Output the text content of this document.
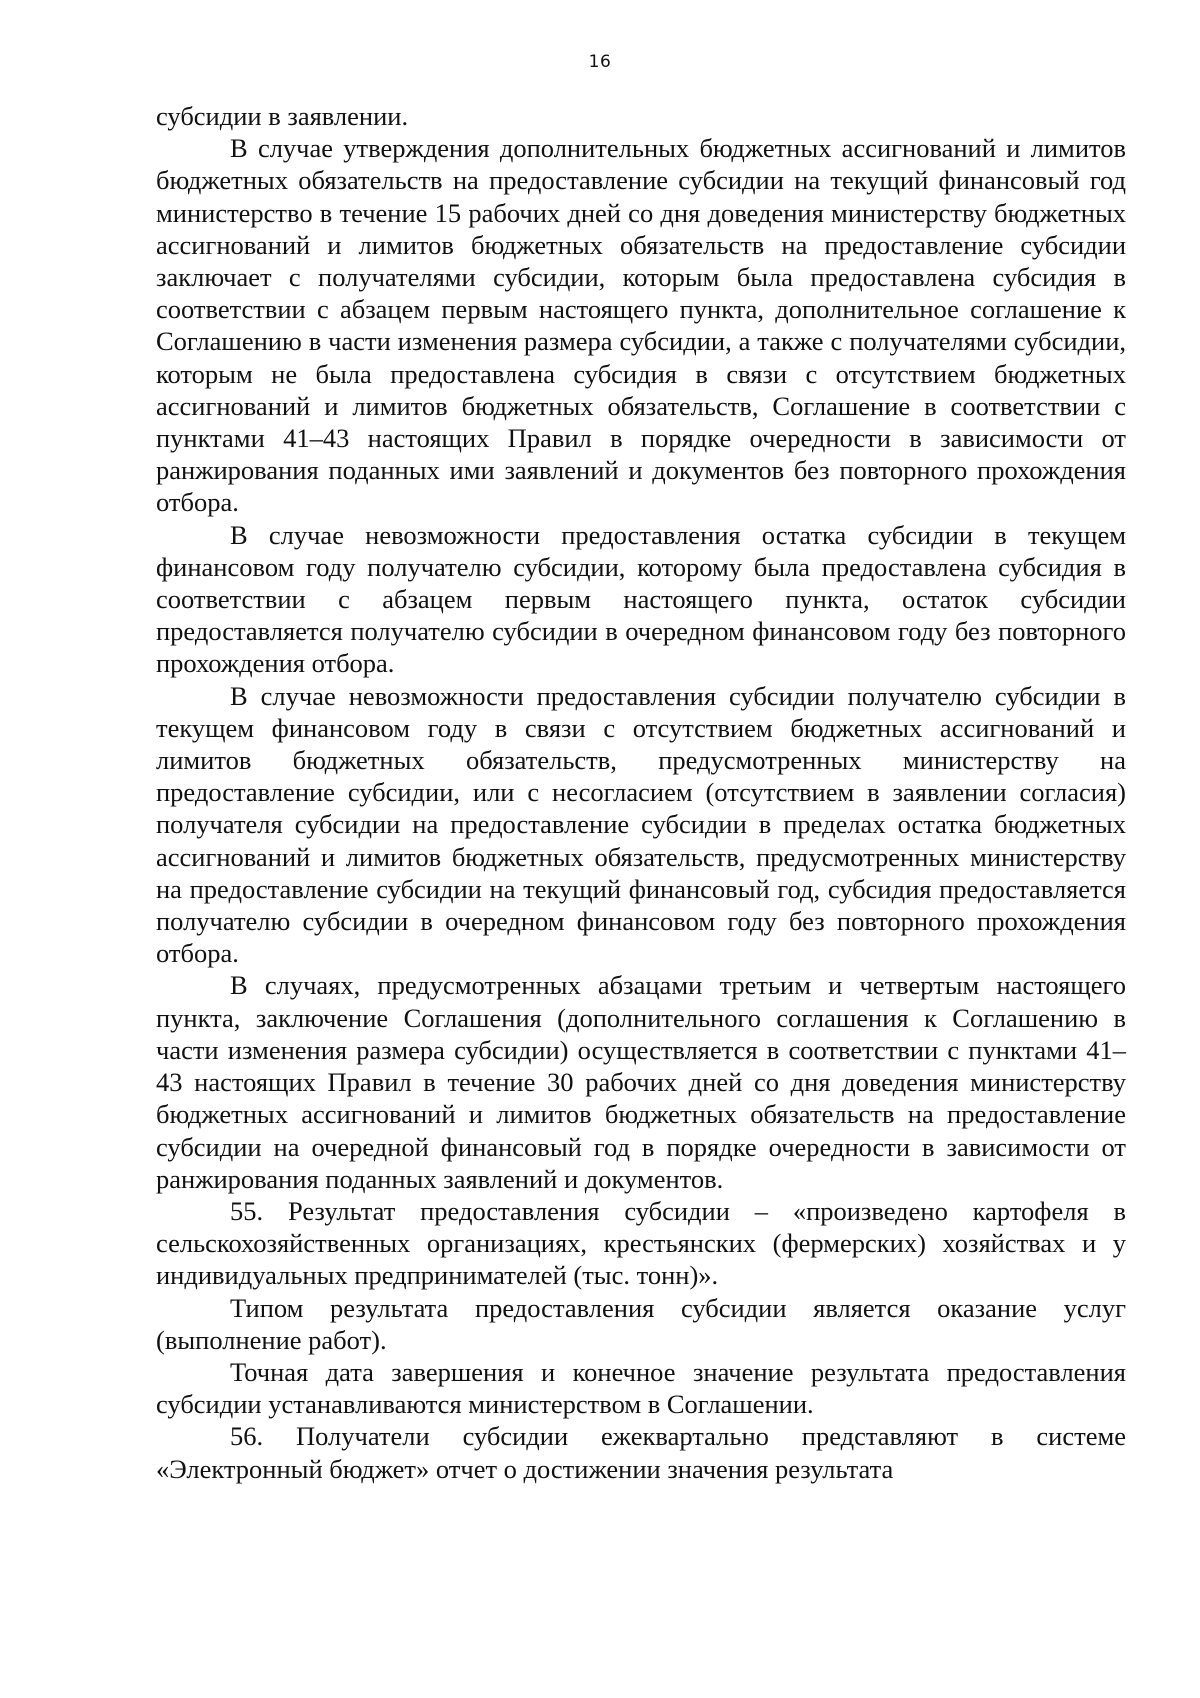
16

субсидии в заявлении.

В случае утверждения дополнительных бюджетных ассигнований и лимитов бюджетных обязательств на предоставление субсидии на текущий финансовый год министерство в течение 15 рабочих дней со дня доведения министерству бюджетных ассигнований и лимитов бюджетных обязательств на предоставление субсидии заключает с получателями субсидии, которым была предоставлена субсидия в соответствии с абзацем первым настоящего пункта, дополнительное соглашение к Соглашению в части изменения размера субсидии, а также с получателями субсидии, которым не была предоставлена субсидия в связи с отсутствием бюджетных ассигнований и лимитов бюджетных обязательств, Соглашение в соответствии с пунктами 41–43 настоящих Правил в порядке очередности в зависимости от ранжирования поданных ими заявлений и документов без повторного прохождения отбора.

В случае невозможности предоставления остатка субсидии в текущем финансовом году получателю субсидии, которому была предоставлена субсидия в соответствии с абзацем первым настоящего пункта, остаток субсидии предоставляется получателю субсидии в очередном финансовом году без повторного прохождения отбора.

В случае невозможности предоставления субсидии получателю субсидии в текущем финансовом году в связи с отсутствием бюджетных ассигнований и лимитов бюджетных обязательств, предусмотренных министерству на предоставление субсидии, или с несогласием (отсутствием в заявлении согласия) получателя субсидии на предоставление субсидии в пределах остатка бюджетных ассигнований и лимитов бюджетных обязательств, предусмотренных министерству на предоставление субсидии на текущий финансовый год, субсидия предоставляется получателю субсидии в очередном финансовом году без повторного прохождения отбора.

В случаях, предусмотренных абзацами третьим и четвертым настоящего пункта, заключение Соглашения (дополнительного соглашения к Соглашению в части изменения размера субсидии) осуществляется в соответствии с пунктами 41–43 настоящих Правил в течение 30 рабочих дней со дня доведения министерству бюджетных ассигнований и лимитов бюджетных обязательств на предоставление субсидии на очередной финансовый год в порядке очередности в зависимости от ранжирования поданных заявлений и документов.

55. Результат предоставления субсидии – «произведено картофеля в сельскохозяйственных организациях, крестьянских (фермерских) хозяйствах и у индивидуальных предпринимателей (тыс. тонн)».

Типом результата предоставления субсидии является оказание услуг (выполнение работ).

Точная дата завершения и конечное значение результата предоставления субсидии устанавливаются министерством в Соглашении.

56. Получатели субсидии ежеквартально представляют в системе «Электронный бюджет» отчет о достижении значения результата
